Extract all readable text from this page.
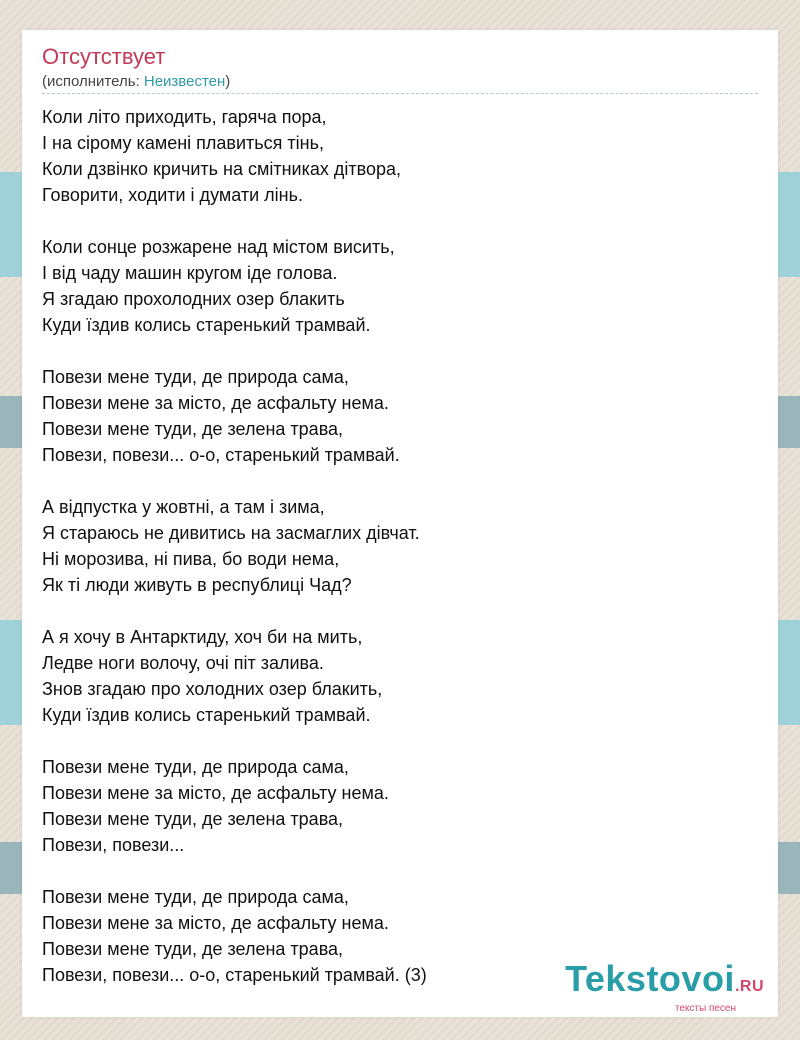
Отсутствует
(исполнитель: Неизвестен)
Коли літо приходить, гаряча пора,
І на сірому камені плавиться тінь,
Коли дзвінко кричить на смітниках дітвора,
Говорити, ходити і думати лінь.
Коли сонце розжарене над містом висить,
І від чаду машин кругом іде голова.
Я згадаю прохолодних озер блакить
Куди їздив колись старенький трамвай.
Повези мене туди, де природа сама,
Повези мене за місто, де асфальту нема.
Повези мене туди, де зелена трава,
Повези, повези... о-о, старенький трамвай.
А відпустка у жовтні, а там і зима,
Я стараюсь не дивитись на засмаглих дівчат.
Ні морозива, ні пива, бо води нема,
Як ті люди живуть в республиці Чад?
А я хочу в Антарктиду, хоч би на мить,
Ледве ноги волочу, очі піт залива.
Знов згадаю про холодних озер блакить,
Куди їздив колись старенький трамвай.
Повези мене туди, де природа сама,
Повези мене за місто, де асфальту нема.
Повези мене туди, де зелена трава,
Повези, повези...
Повези мене туди, де природа сама,
Повези мене за місто, де асфальту нема.
Повези мене туди, де зелена трава,
Повези, повези... о-о, старенький трамвай. (3)	Tekstovoi.RU
тексты песен
